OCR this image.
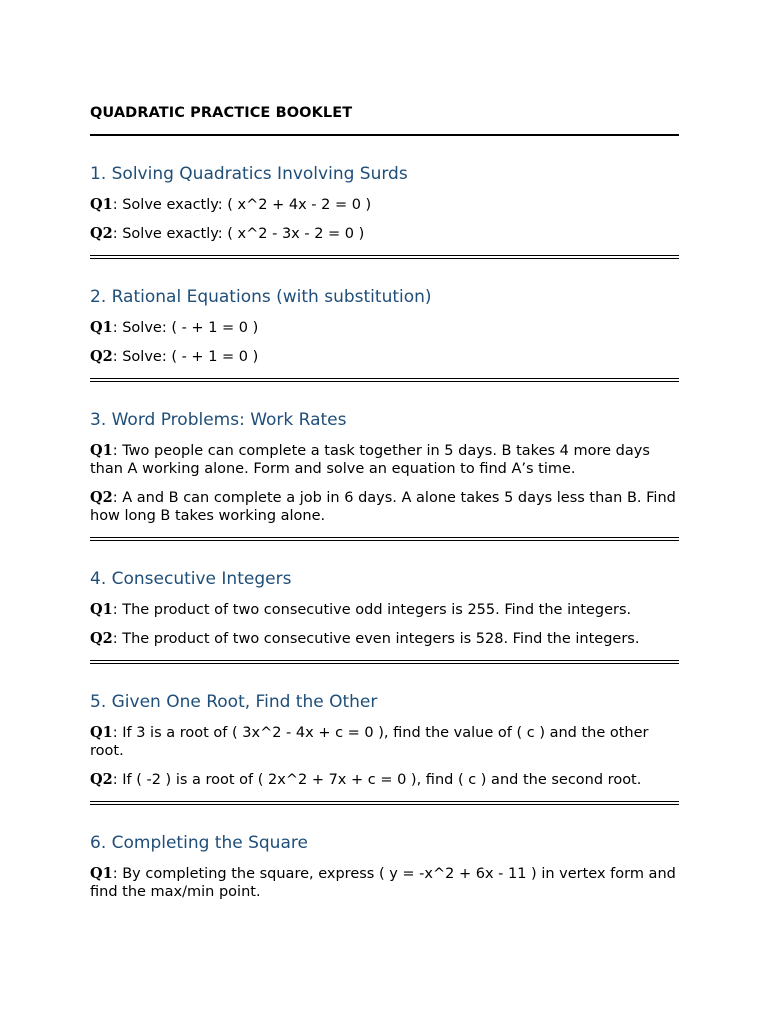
QUADRATIC PRACTICE BOOKLET
1. Solving Quadratics Involving Surds

Q1: Solve exactly: ( x^2 + 4x - 2 = 0 )

Q2: Solve exactly: ( x^2 - 3x - 2 = 0 )

2. Rational Equations (with substitution)

Q1: Solve: ( - + 1 = 0 )

Q2: Solve: ( - + 1 = 0 )

3. Word Problems: Work Rates

Q1: Two people can complete a task together in 5 days. B takes 4 more days than A working alone. Form and solve an equation to find A’s time.

Q2: A and B can complete a job in 6 days. A alone takes 5 days less than B. Find how long B takes working alone.

4. Consecutive Integers

Q1: The product of two consecutive odd integers is 255. Find the integers.

Q2: The product of two consecutive even integers is 528. Find the integers.

5. Given One Root, Find the Other

Q1: If 3 is a root of ( 3x^2 - 4x + c = 0 ), find the value of ( c ) and the other root.

Q2: If ( -2 ) is a root of ( 2x^2 + 7x + c = 0 ), find ( c ) and the second root.

6. Completing the Square

Q1: By completing the square, express ( y = -x^2 + 6x - 11 ) in vertex form and find the max/min point.
